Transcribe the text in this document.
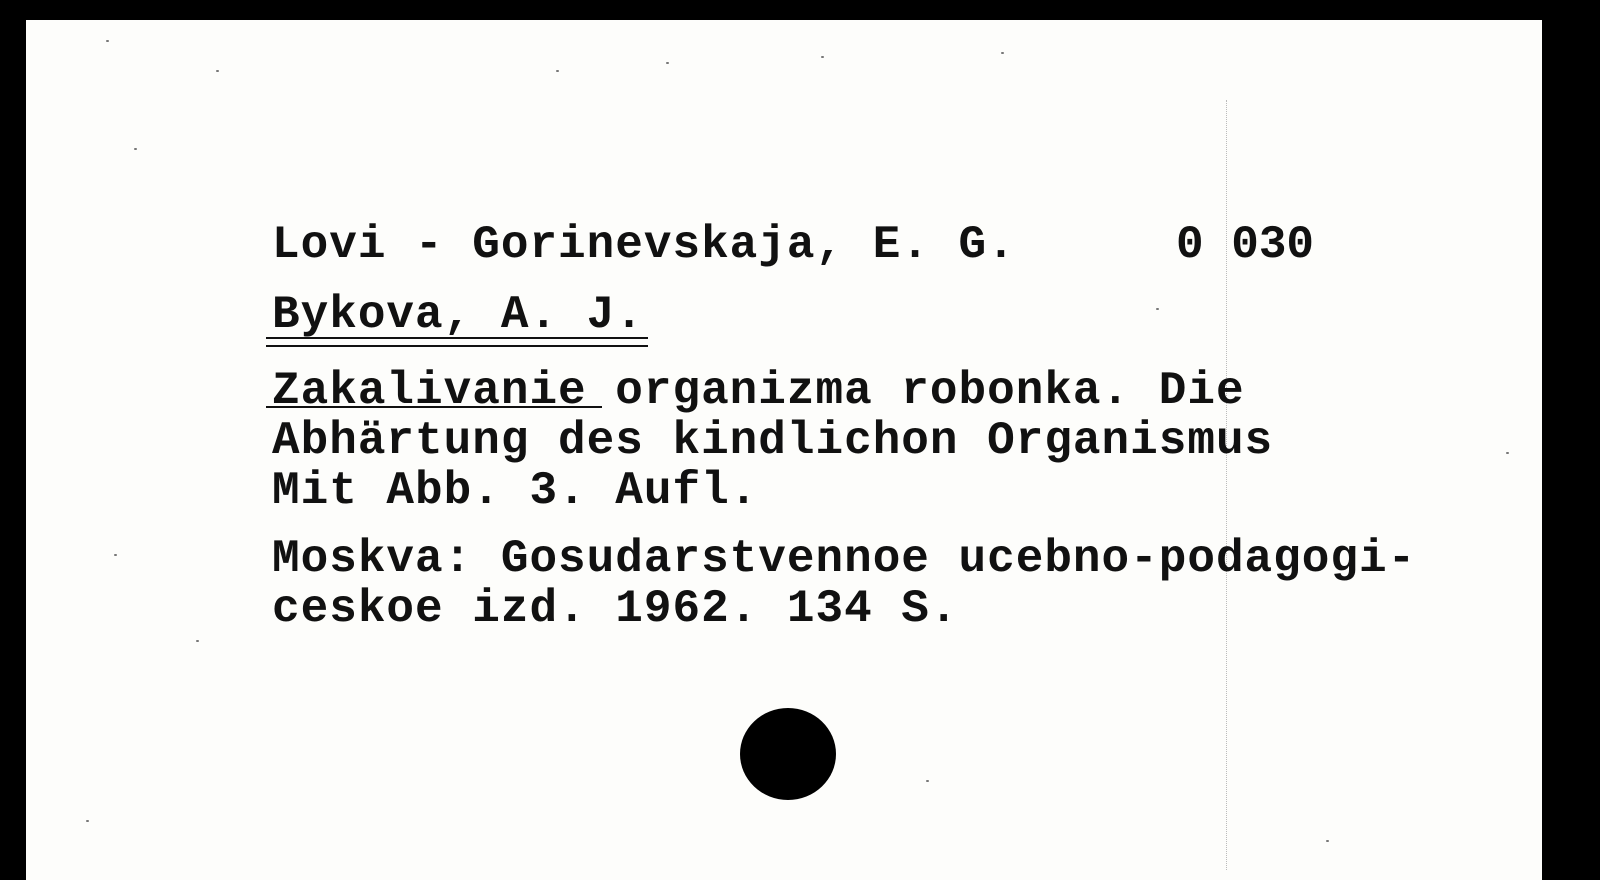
Lovi - Gorinevskaja, E. G.	0 030
Bykova, A. J.
Zakalivanie organizma robonka. Die
Abhärtung des kindlichon Organismus
Mit Abb. 3. Aufl.
Moskva: Gosudarstvennoe ucebno-podagogi-
ceskoe izd. 1962. 134 S.
